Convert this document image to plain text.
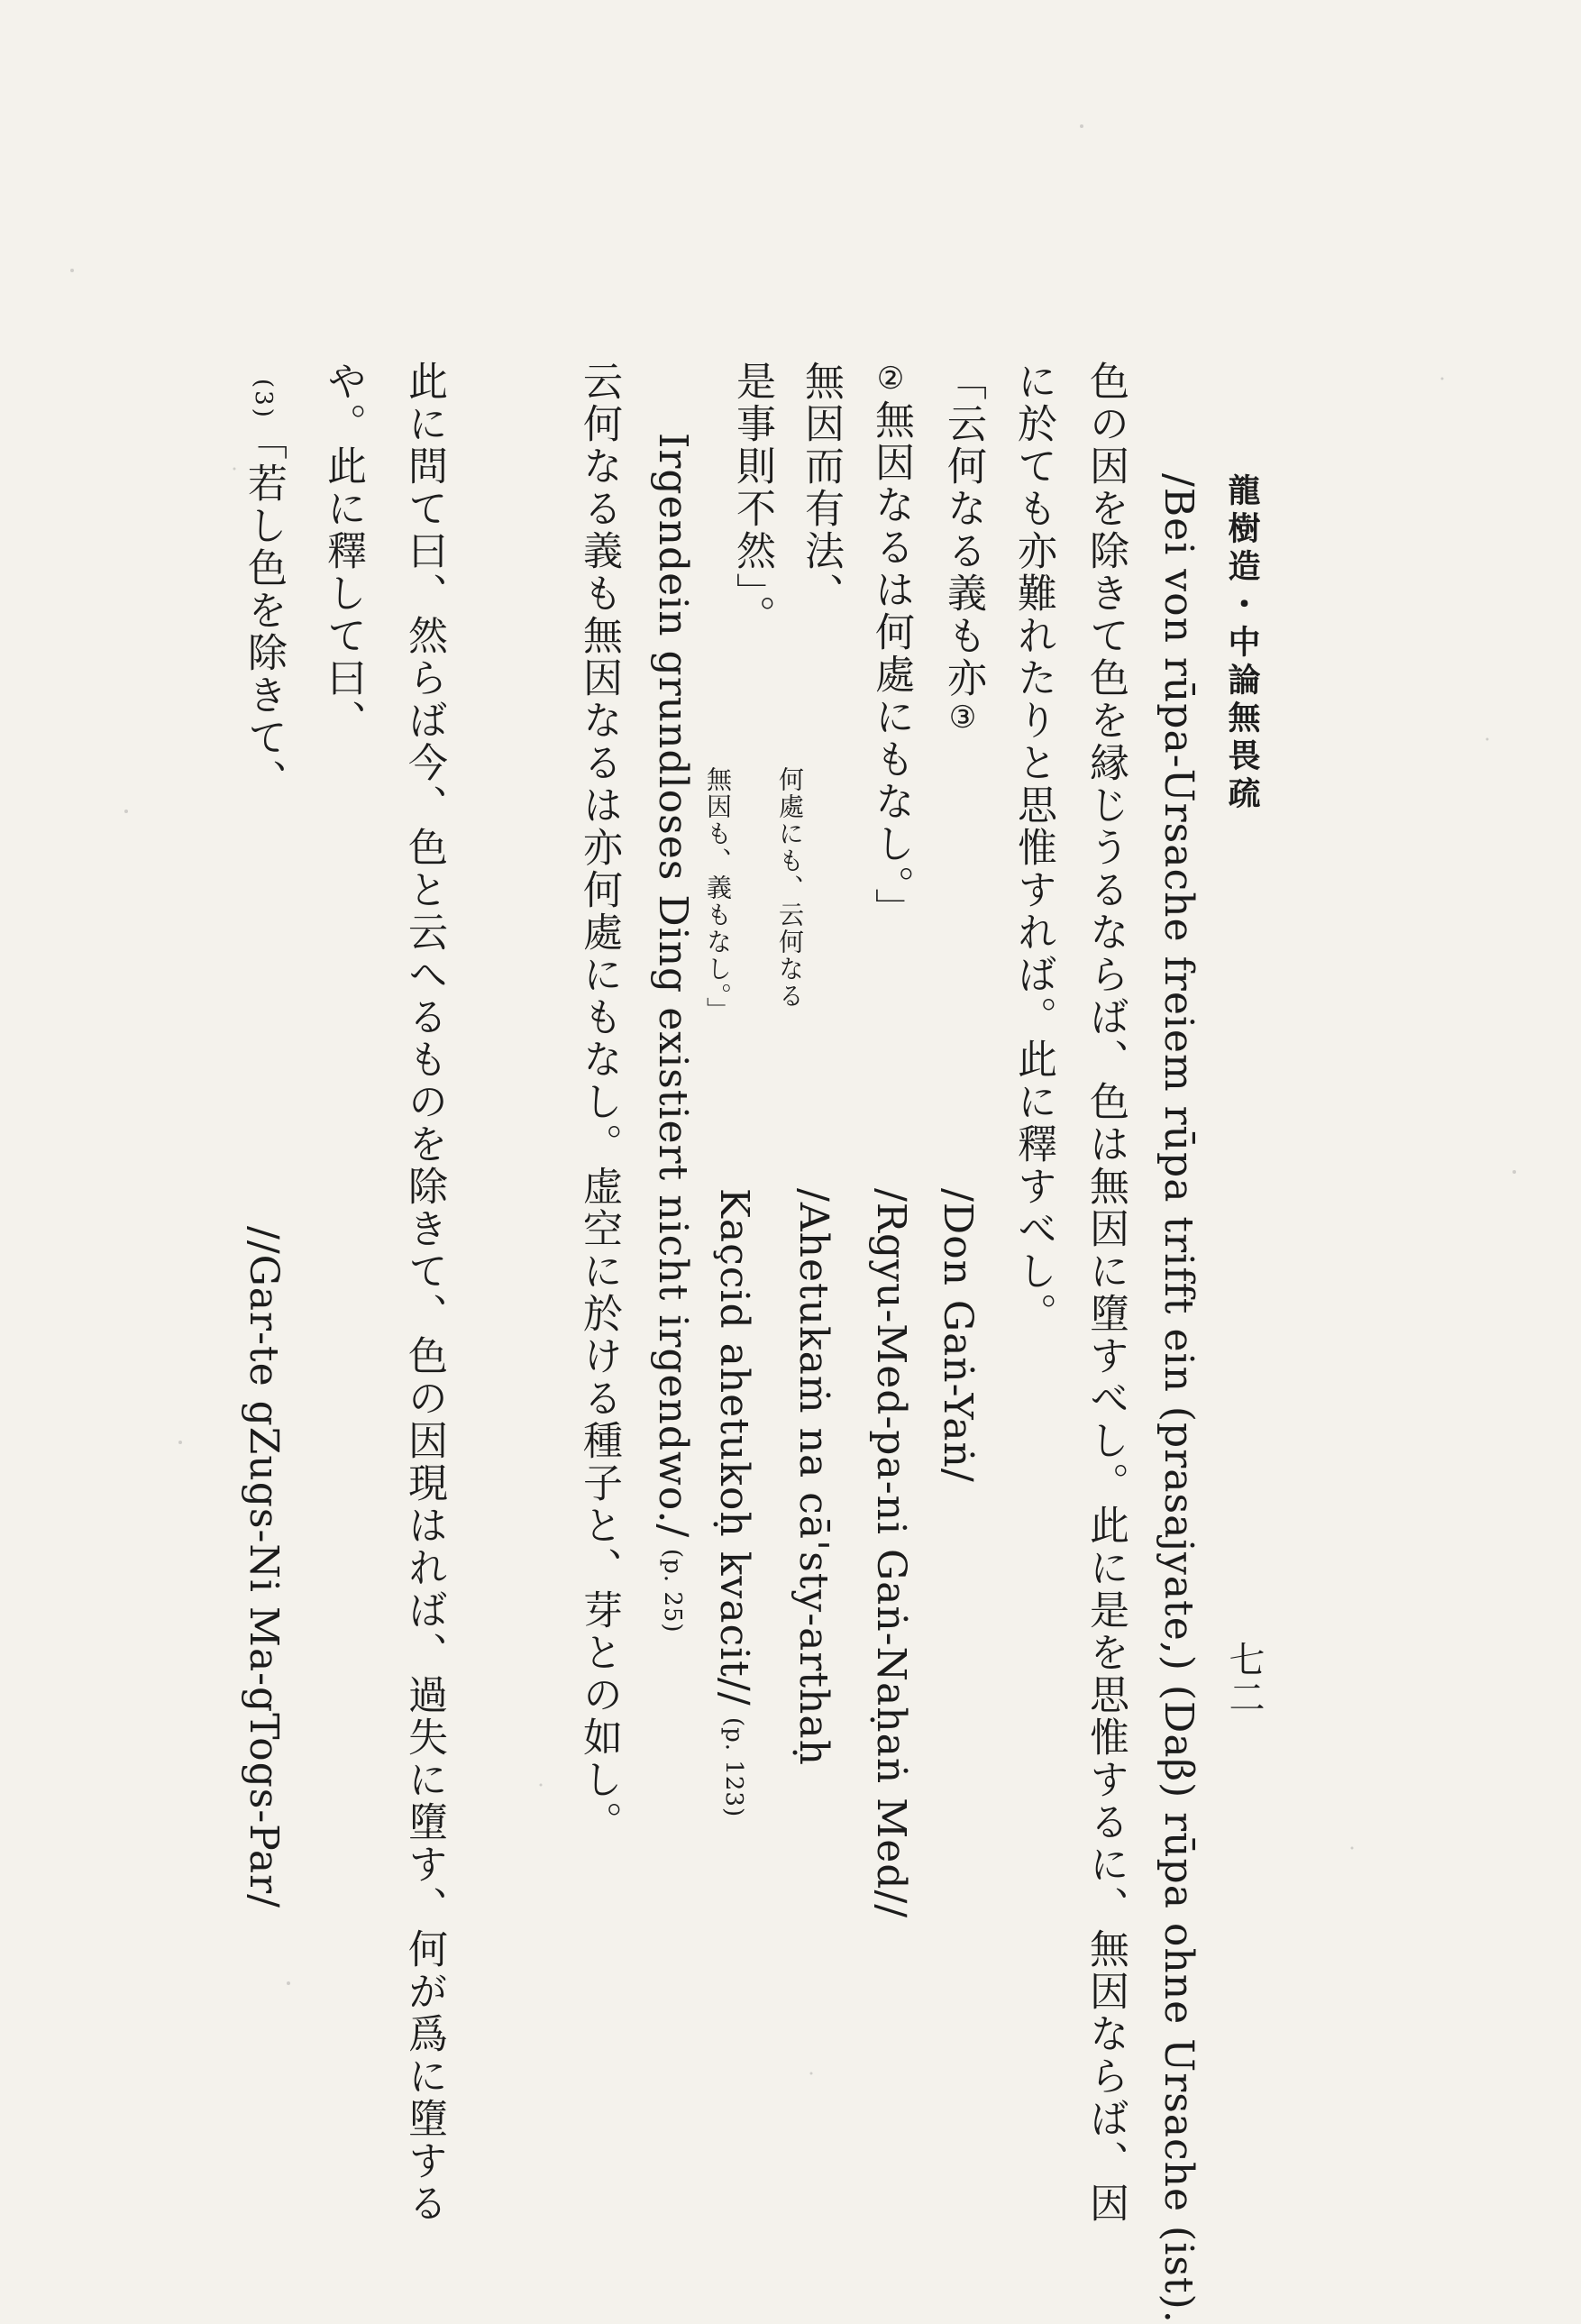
龍樹造・中論無畏疏
七二
/Bei von rūpa-Ursache freiem rūpa trifft ein (prasajyate,) (Daβ) rūpa ohne Ursache (ist).
色の因を除きて色を縁じうるならば、色は無因に墮すべし。此に是を思惟するに、無因ならば、因
に於ても亦難れたりと思惟すれば。此に釋すべし。
「云何なる義も亦③
/Don Gaṅ-Yaṅ/
②無因なるは何處にもなし。」
/Rgyu-Med-pa-ni Gaṅ-Naḥaṅ Med//
無因而有法、
何處にも、云何なる
/Ahetukaṁ na cā'sty-arthaḥ
是事則不然」。
無因も、義もなし。」
Kaçcid ahetukoḥ kvacit//(p. 123)
Irgendein grundloses Ding existiert nicht irgendwo./(p. 25)
云何なる義も無因なるは亦何處にもなし。虚空に於ける種子と、芽との如し。
此に問て曰、然らば今、色と云へるものを除きて、色の因現はれば、過失に墮す、何が爲に墮する
や。此に釋して曰、
(3)「若し色を除きて、
//Gar-te gZugs-Ni Ma-gTogs-Par/
